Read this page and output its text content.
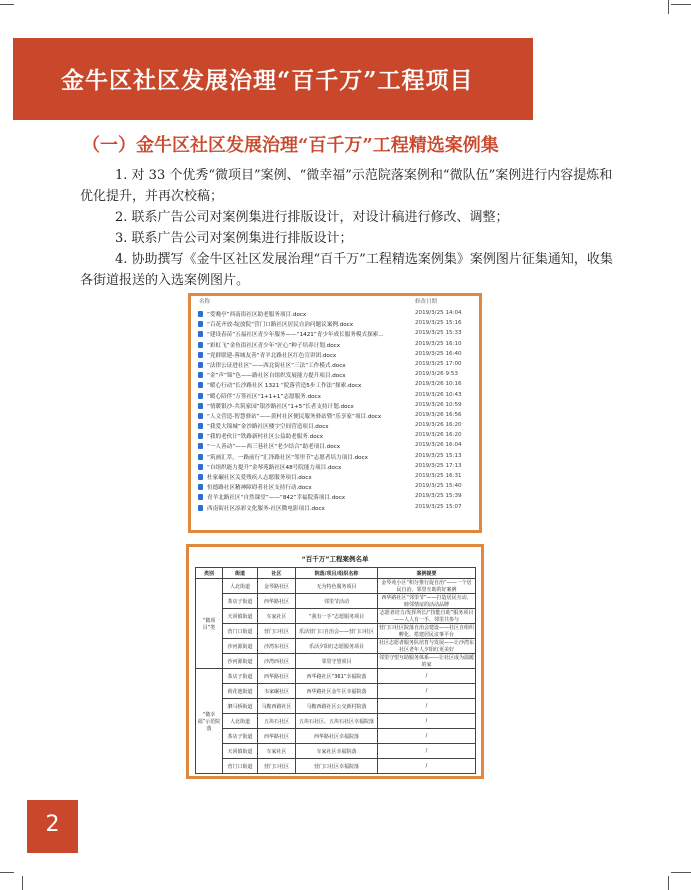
金牛区社区发展治理“百千万”工程项目
（一）金牛区社区发展治理“百千万”工程精选案例集
1. 对 33 个优秀“微项目”案例、“微幸福”示范院落案例和“微队伍”案例进行内容提炼和优化提升，并再次校稿；
2. 联系广告公司对案例集进行排版设计，对设计稿进行修改、调整；
3. 联系广告公司对案例集进行排版设计；
4. 协助撰写《金牛区社区发展治理“百千万”工程精选案例集》案例图片征集通知，收集各街道报送的入选案例图片。
名称	修改日期
“爱晚亭”西南街社区助老服务项目.docx	2019/3/25 14:04
“百花齐放-绽放院”营门口路社区居民自治问题议案例.docx	2019/3/25 15:16
“建设春苗”五福社区青少年服务——“1421”青少年成长服务模式探索...	2019/3/25 15:33
“彩虹飞”金鱼街社区青少年“匠心”种子培养计划.docx	2019/3/25 16:10
“党群联建-蓉城友善”青羊北路社区红色宣讲团.docx	2019/3/25 16:40
“法律公证进社区”——西北街社区“三法”工作模式.docx	2019/3/25 17:00
“金”声“锦”色——路社区自组织发展能力提升项目.docx	2019/3/26 9:53
“暖心行动”长沙路社区 1321 “院落营造5步工作法”探索.docx	2019/3/26 10:16
“暖心陪伴”万签社区“1+1+1”志愿服务.docx	2019/3/26 10:43
“情暖银沙-共筑家园”银沙路社区“1+5”长者支持计划.docx	2019/3/26 10:59
“人文营造-智慧驿站”——黄村社区便民服务驿站暨“乐享家”项目.docx	2019/3/26 16:56
“我爱大锦城”金沙路社区楼宇空间营造项目.docx	2019/3/26 16:20
“我的老伙计”铁路新村社区公益助老服务.docx	2019/3/26 16:20
“一人善动”——西三巷社区“老少结合”助老项目.docx	2019/3/26 16:04
“筑画汇萃，一路前行”汇泽路社区“邻里节”志愿者培力项目.docx	2019/3/25 15:13
“自组织能力提升”金琴苑路社区48号院能力项目.docx	2019/3/25 17:13
杜家碾社区关爱残疾人志愿服务项目.docx	2019/3/25 16:31
恒德路社区精神障碍者社区支持行动.docx	2019/3/25 15:40
青羊北路社区“自然课堂”——“842”幸福院落项目.docx	2019/3/25 15:39
西南街社区添彩文化服务-社区微电影项目.docx	2019/3/25 15:07
“百千万”工程案例名单
类别	街道	社区	院落/项目/组织名称	案例提要
“微项目”类	人北街道	金琴路社区	无为特色服务项目	金琴苑小区“积分推行促自治”——一个居民自治、邻里互助的好案例
	茶店子街道	西华路社区	邻里节活动	西华路社区“邻里节”——打造居民互动、睦邻情谊的活动品牌
	天回镇街道	车家社区	“我有一手”志愿服务项目	志愿者培力/发挥所长/“技能自助”服务项目——人人有一手、邻里共参与
	营门口街道	营门口社区	乐活营门口自治会——营门口社区	营门口社区院落自治会建设——社区自组织孵化、搭建居民议事平台
	沙河源街道	沙湾东社区	乐活夕阳红志愿服务项目	社区志愿者服务队培育与发展——让沙湾东社区老年人夕阳红更美好
	沙河源街道	沙湾西社区	邻里守望项目	邻里守望互助服务体系——让社区成为温暖的家
“微幸福”示范院落	茶店子街道	西华路社区	西华路社区“361”幸福院落	/
	荷花池街道	韦家碾社区	西华路社区金牛区幸福院落	/
	驷马桥街道	马鞍西路社区	马鞍西路社区公交新村院落	/
	人北街道	五块石社区	五块石社区、五块石社区幸福院落	/
	茶店子街道	西华路社区	西华路社区幸福院落	/
	天回镇街道	车家社区	车家社区幸福院落	/
	营门口街道	营门口社区	营门口社区幸福院落	/
2
